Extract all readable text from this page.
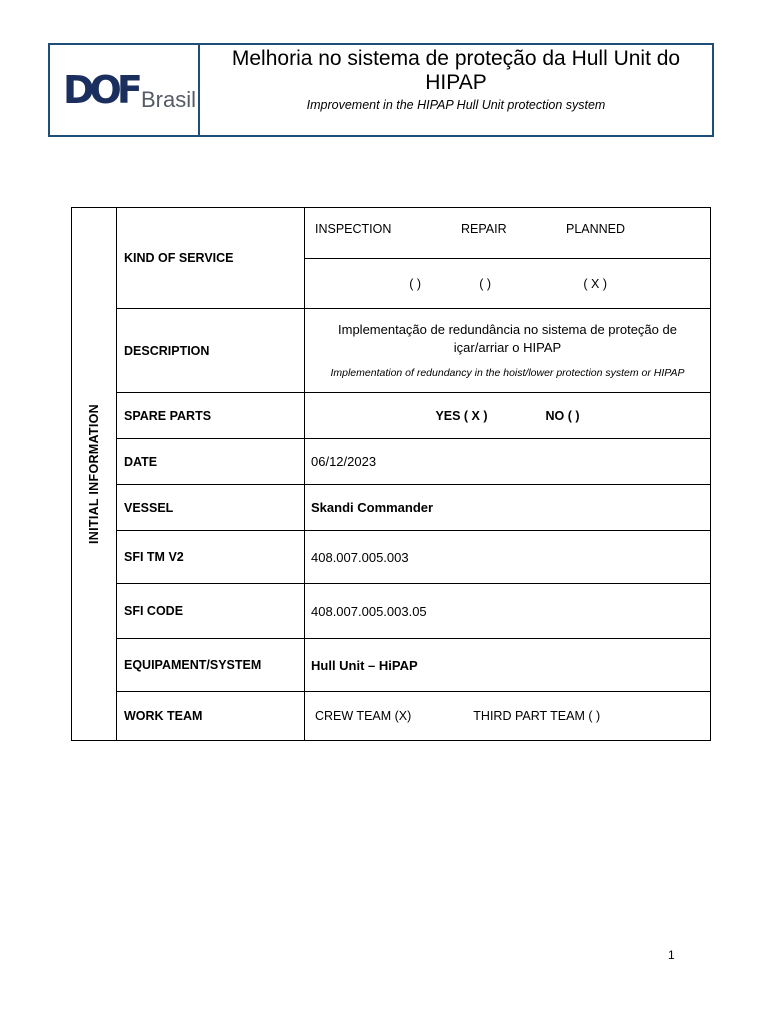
DOF Brasil
Melhoria no sistema de proteção da Hull Unit do HIPAP
Improvement in the HIPAP Hull Unit protection system
INITIAL INFORMATION	KIND OF SERVICE	INSPECTION REPAIR PLANNED

		( ) ( ) ( X )

	DESCRIPTION	Implementação de redundância no sistema de proteção de içar/arriar o HIPAP
Implementation of redundancy in the hoist/lower protection system or HIPAP

	SPARE PARTS	YES ( X ) NO ( )

	DATE	06/12/2023
	VESSEL	Skandi Commander
	SFI TM V2	408.007.005.003
	SFI CODE	408.007.005.003.05
	EQUIPAMENT/SYSTEM	Hull Unit – HiPAP
	WORK TEAM	CREW TEAM (X) THIRD PART TEAM ( )
1
